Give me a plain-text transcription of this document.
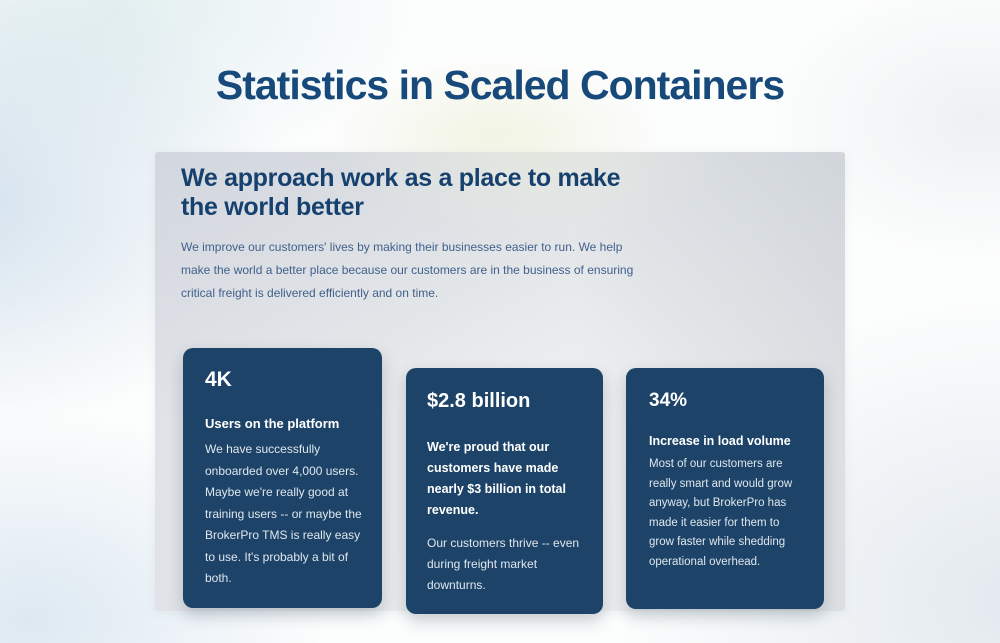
Statistics in Scaled Containers
We approach work as a place to make the world better

We improve our customers' lives by making their businesses easier to run. We help make the world a better place because our customers are in the business of ensuring critical freight is delivered efficiently and on time.

4K
Users on the platform
We have successfully onboarded over 4,000 users. Maybe we're really good at training users -- or maybe the BrokerPro TMS is really easy to use. It's probably a bit of both.
$2.8 billion
We're proud that our customers have made nearly $3 billion in total revenue.
Our customers thrive -- even during freight market downturns.
34%
Increase in load volume
Most of our customers are really smart and would grow anyway, but BrokerPro has made it easier for them to grow faster while shedding operational overhead.
